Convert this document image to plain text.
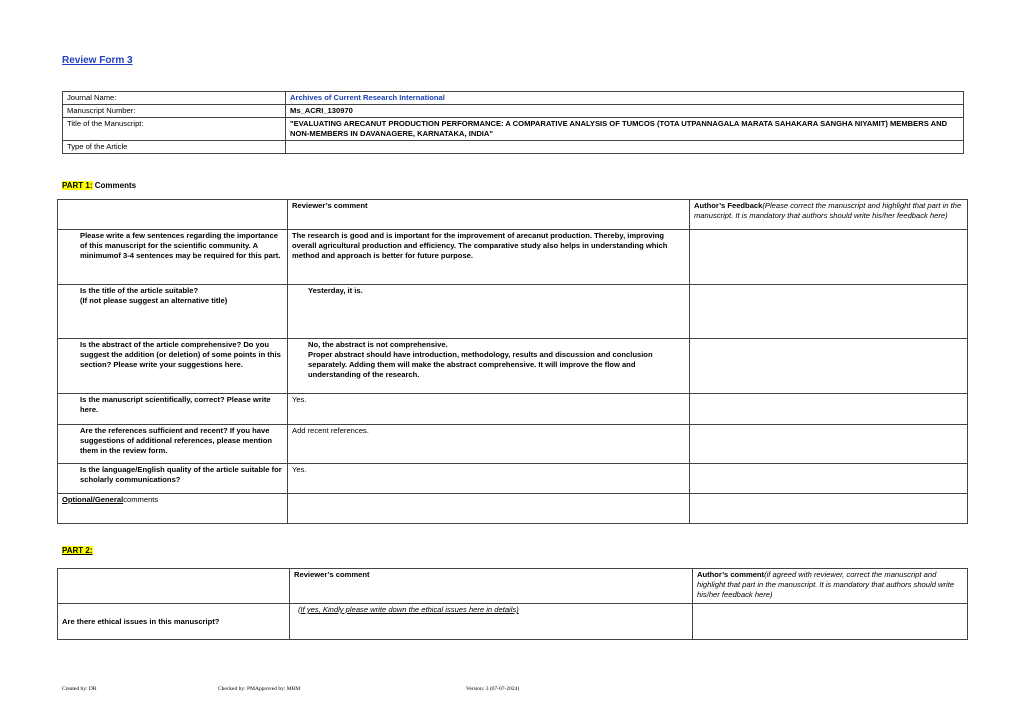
Review Form 3
Journal Name:	Archives of Current Research International
Manuscript Number:	Ms_ACRI_130970
Title of the Manuscript:	"EVALUATING ARECANUT PRODUCTION PERFORMANCE: A COMPARATIVE ANALYSIS OF TUMCOS (TOTA UTPANNAGALA MARATA SAHAKARA SANGHA NIYAMIT) MEMBERS AND NON-MEMBERS IN DAVANAGERE, KARNATAKA, INDIA"
Type of the Article	
PART 1: Comments
	Reviewer’s comment	Author’s Feedback(Please correct the manuscript and highlight that part in the manuscript. It is mandatory that authors should write his/her feedback here)
Please write a few sentences regarding the importance of this manuscript for the scientific community. A minimumof 3-4 sentences may be required for this part.	The research is good and is important for the improvement of arecanut production. Thereby, improving overall agricultural production and efficiency. The comparative study also helps in understanding which method and approach is better for future purpose.	
Is the title of the article suitable?
(If not please suggest an alternative title)	Yesterday, it is.	
Is the abstract of the article comprehensive? Do you suggest the addition (or deletion) of some points in this section? Please write your suggestions here.	No, the abstract is not comprehensive.
Proper abstract should have introduction, methodology, results and discussion and conclusion separately. Adding them will make the abstract comprehensive. It will improve the flow and understanding of the research.	
Is the manuscript scientifically, correct? Please write here.	Yes.	
Are the references sufficient and recent? If you have suggestions of additional references, please mention them in the review form.	Add recent references.	
Is the language/English quality of the article suitable for scholarly communications?	Yes.	
Optional/Generalcomments		
PART 2:
	Reviewer’s comment	Author’s comment(if agreed with reviewer, correct the manuscript and highlight that part in the manuscript. It is mandatory that authors should write his/her feedback here)
Are there ethical issues in this manuscript?	(If yes, Kindly please write down the ethical issues here in details)	
Created by: DR	Checked by: PMApproved by: MBM	Version: 3 (07-07-2024)
